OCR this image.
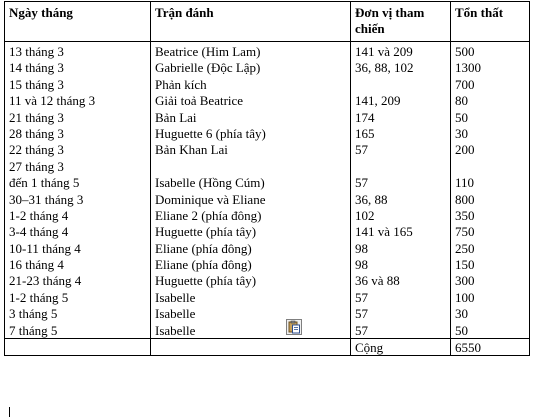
Ngày tháng	Trận đánh	Đơn vị tham chiến	Tổn thất
13 tháng 3	Beatrice (Him Lam)	141 và 209	500
14 tháng 3	Gabrielle (Độc Lập)	36, 88, 102	1300
15 tháng 3	Phản kích		700
11 và 12 tháng 3	Giải toả Beatrice	141, 209	80
21 tháng 3	Bản Lai	174	50
28 tháng 3	Huguette 6 (phía tây)	165	30
22 tháng 3	Bản Khan Lai	57	200
27 tháng 3			
đến 1 tháng 5	Isabelle (Hồng Cúm)	57	110
30–31 tháng 3	Dominique và Eliane	36, 88	800
1-2 tháng 4	Eliane 2 (phía đông)	102	350
3-4 tháng 4	Huguette (phía tây)	141 và 165	750
10-11 tháng 4	Eliane (phía đông)	98	250
16 tháng 4	Eliane (phía đông)	98	150
21-23 tháng 4	Huguette (phía tây)	36 và 88	300
1-2 tháng 5	Isabelle	57	100
3 tháng 5	Isabelle	57	30
7 tháng 5	Isabelle	57	50
		Cộng	6550
